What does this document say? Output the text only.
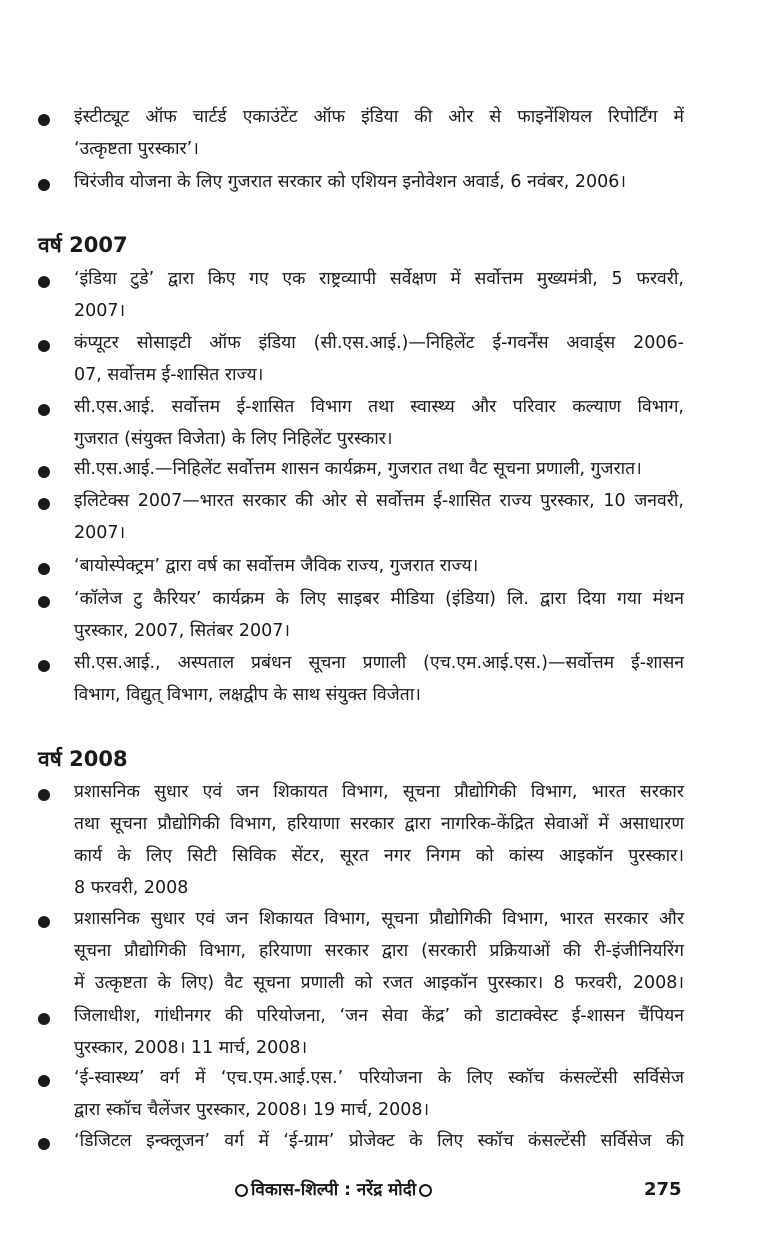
इंस्टीट्यूट ऑफ चार्टर्ड एकाउंटेंट ऑफ इंडिया की ओर से फाइनेंशियल रिपोर्टिंग में
‘उत्कृष्टता पुरस्कार’।
चिरंजीव योजना के लिए गुजरात सरकार को एशियन इनोवेशन अवार्ड, 6 नवंबर, 2006।
वर्ष 2007
‘इंडिया टुडे’ द्वारा किए गए एक राष्ट्रव्यापी सर्वेक्षण में सर्वोत्तम मुख्यमंत्री, 5 फरवरी,
2007।
कंप्यूटर सोसाइटी ऑफ इंडिया (सी.एस.आई.)—निहिलेंट ई-गवर्नेंस अवार्ड्स 2006-
07, सर्वोत्तम ई-शासित राज्य।
सी.एस.आई. सर्वोत्तम ई-शासित विभाग तथा स्वास्थ्य और परिवार कल्याण विभाग,
गुजरात (संयुक्त विजेता) के लिए निहिलेंट पुरस्कार।
सी.एस.आई.—निहिलेंट सर्वोत्तम शासन कार्यक्रम, गुजरात तथा वैट सूचना प्रणाली, गुजरात।
इलिटेक्स 2007—भारत सरकार की ओर से सर्वोत्तम ई-शासित राज्य पुरस्कार, 10 जनवरी,
2007।
‘बायोस्पेक्ट्रम’ द्वारा वर्ष का सर्वोत्तम जैविक राज्य, गुजरात राज्य।
‘कॉलेज टु कैरियर’ कार्यक्रम के लिए साइबर मीडिया (इंडिया) लि. द्वारा दिया गया मंथन
पुरस्कार, 2007, सितंबर 2007।
सी.एस.आई., अस्पताल प्रबंधन सूचना प्रणाली (एच.एम.आई.एस.)—सर्वोत्तम ई-शासन
विभाग, विद्युत् विभाग, लक्षद्वीप के साथ संयुक्त विजेता।
वर्ष 2008
प्रशासनिक सुधार एवं जन शिकायत विभाग, सूचना प्रौद्योगिकी विभाग, भारत सरकार
तथा सूचना प्रौद्योगिकी विभाग, हरियाणा सरकार द्वारा नागरिक-केंद्रित सेवाओं में असाधारण
कार्य के लिए सिटी सिविक सेंटर, सूरत नगर निगम को कांस्य आइकॉन पुरस्कार।
8 फरवरी, 2008
प्रशासनिक सुधार एवं जन शिकायत विभाग, सूचना प्रौद्योगिकी विभाग, भारत सरकार और
सूचना प्रौद्योगिकी विभाग, हरियाणा सरकार द्वारा (सरकारी प्रक्रियाओं की री-इंजीनियरिंग
में उत्कृष्टता के लिए) वैट सूचना प्रणाली को रजत आइकॉन पुरस्कार। 8 फरवरी, 2008।
जिलाधीश, गांधीनगर की परियोजना, ‘जन सेवा केंद्र’ को डाटाक्वेस्ट ई-शासन चैंपियन
पुरस्कार, 2008। 11 मार्च, 2008।
‘ई-स्वास्थ्य’ वर्ग में ‘एच.एम.आई.एस.’ परियोजना के लिए स्कॉच कंसल्टेंसी सर्विसेज
द्वारा स्कॉच चैलेंजर पुरस्कार, 2008। 19 मार्च, 2008।
‘डिजिटल इन्क्लूजन’ वर्ग में ‘ई-ग्राम’ प्रोजेक्ट के लिए स्कॉच कंसल्टेंसी सर्विसेज की
विकास-शिल्पी : नरेंद्र मोदी	275
